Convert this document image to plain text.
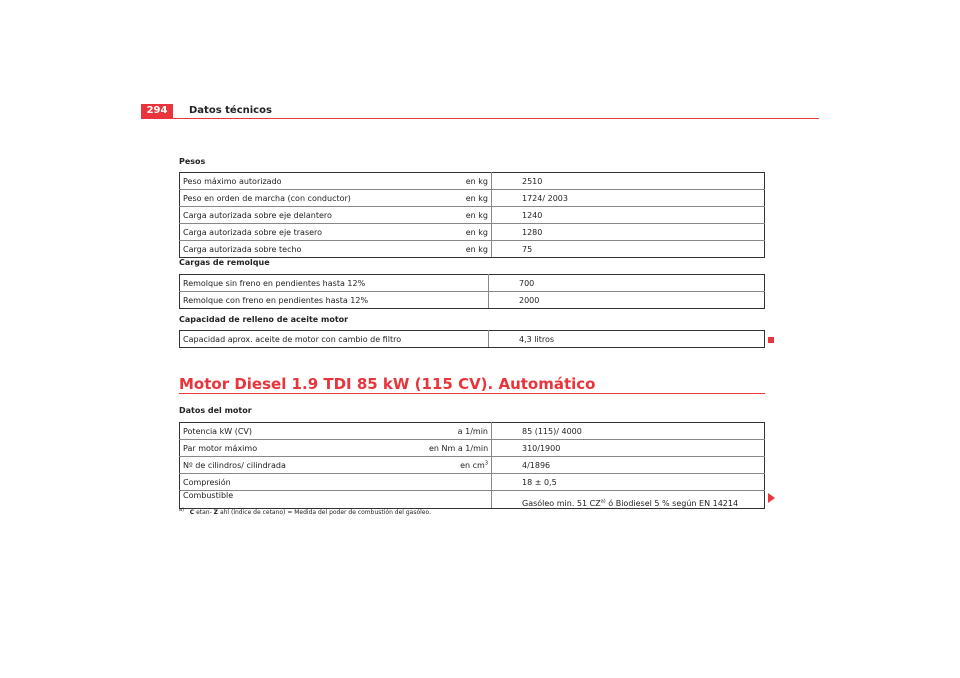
294	Datos técnicos
Pesos
Peso máximo autorizado	en kg	2510
Peso en orden de marcha (con conductor)	en kg	1724/ 2003
Carga autorizada sobre eje delantero	en kg	1240
Carga autorizada sobre eje trasero	en kg	1280
Carga autorizada sobre techo	en kg	75
Cargas de remolque
Remolque sin freno en pendientes hasta 12%	700
Remolque con freno en pendientes hasta 12%	2000
Capacidad de relleno de aceite motor
Capacidad aprox. aceite de motor con cambio de filtro	4,3 litros
Motor Diesel 1.9 TDI 85 kW (115 CV). Automático
Datos del motor
Potencia kW (CV)	a 1/min	85 (115)/ 4000
Par motor máximo	en Nm a 1/min	310/1900
Nº de cilindros/ cilindrada	en $cm^3$	4/1896
Compresión		18 ± 0,5
Combustible		Gasóleo min. 51 CZ$^{a)}$ ó Biodiesel 5 % según EN 14214
$^{a)}$ C etan- Z ahl (índice de cetano) = Medida del poder de combustión del gasóleo.
